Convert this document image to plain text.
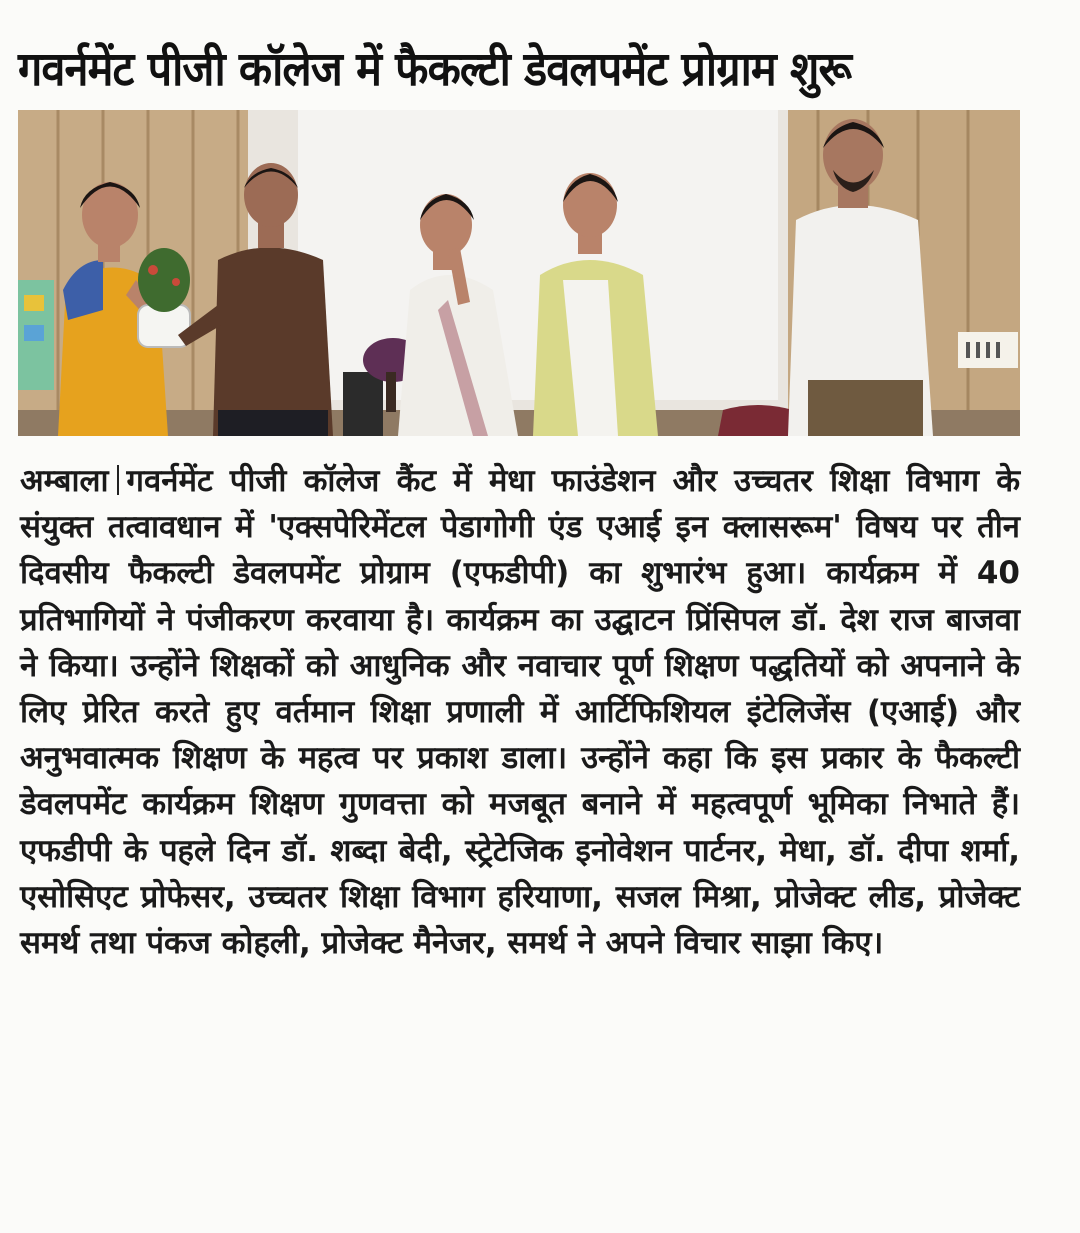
गवर्नमेंट पीजी कॉलेज में फैकल्टी डेवलपमेंट प्रोग्राम शुरू
अम्बाला गवर्नमेंट पीजी कॉलेज कैंट में मेधा फाउंडेशन और उच्चतर शिक्षा विभाग के संयुक्त तत्वावधान में 'एक्सपेरिमेंटल पेडागोगी एंड एआई इन क्लासरूम' विषय पर तीन दिवसीय फैकल्टी डेवलपमेंट प्रोग्राम (एफडीपी) का शुभारंभ हुआ। कार्यक्रम में 40 प्रतिभागियों ने पंजीकरण करवाया है। कार्यक्रम का उद्घाटन प्रिंसिपल डॉ. देश राज बाजवा ने किया। उन्होंने शिक्षकों को आधुनिक और नवाचार पूर्ण शिक्षण पद्धतियों को अपनाने के लिए प्रेरित करते हुए वर्तमान शिक्षा प्रणाली में आर्टिफिशियल इंटेलिजेंस (एआई) और अनुभवात्मक शिक्षण के महत्व पर प्रकाश डाला। उन्होंने कहा कि इस प्रकार के फैकल्टी डेवलपमेंट कार्यक्रम शिक्षण गुणवत्ता को मजबूत बनाने में महत्वपूर्ण भूमिका निभाते हैं। एफडीपी के पहले दिन डॉ. शब्दा बेदी, स्ट्रेटेजिक इनोवेशन पार्टनर, मेधा, डॉ. दीपा शर्मा, एसोसिएट प्रोफेसर, उच्चतर शिक्षा विभाग हरियाणा, सजल मिश्रा, प्रोजेक्ट लीड, प्रोजेक्ट समर्थ तथा पंकज कोहली, प्रोजेक्ट मैनेजर, समर्थ ने अपने विचार साझा किए।
